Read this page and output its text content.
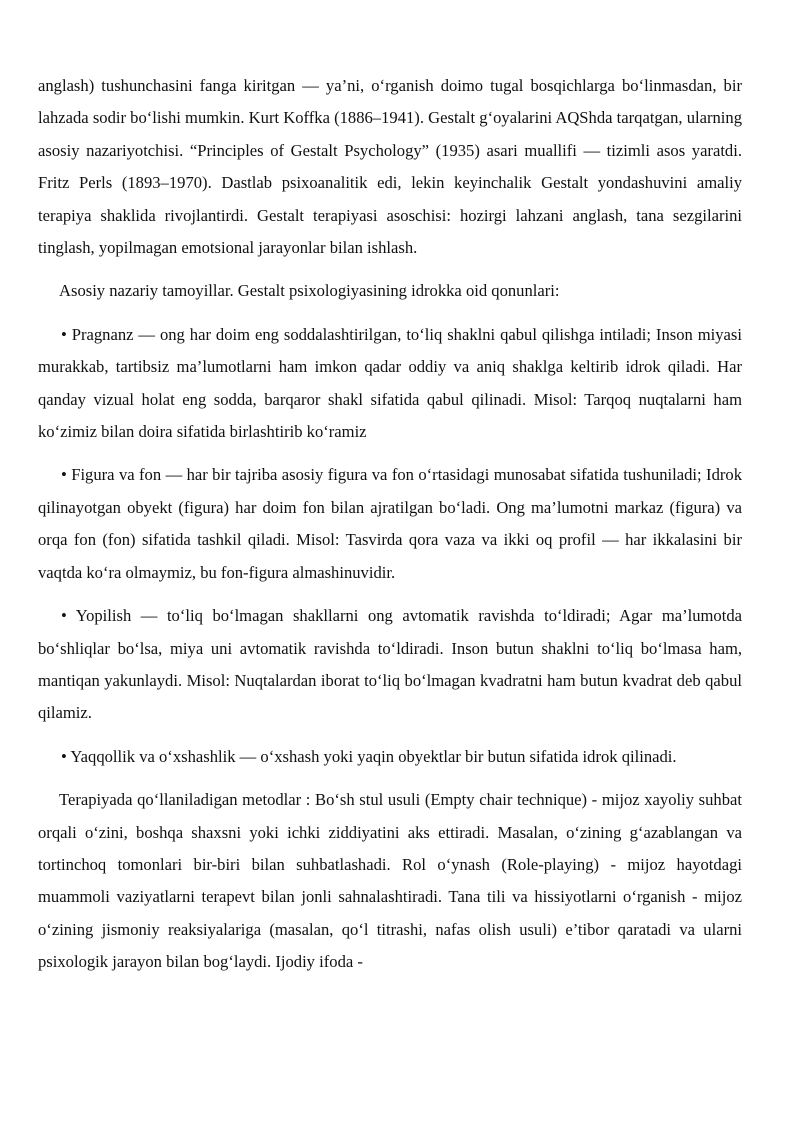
anglash) tushunchasini fanga kiritgan — ya’ni, o‘rganish doimo tugal bosqichlarga bo‘linmasdan, bir lahzada sodir bo‘lishi mumkin. Kurt Koffka (1886–1941). Gestalt g‘oyalarini AQShda tarqatgan, ularning asosiy nazariyotchisi. “Principles of Gestalt Psychology” (1935) asari muallifi — tizimli asos yaratdi. Fritz Perls (1893–1970). Dastlab psixoanalitik edi, lekin keyinchalik Gestalt yondashuvini amaliy terapiya shaklida rivojlantirdi. Gestalt terapiyasi asoschisi: hozirgi lahzani anglash, tana sezgilarini tinglash, yopilmagan emotsional jarayonlar bilan ishlash.

Asosiy nazariy tamoyillar. Gestalt psixologiyasining idrokka oid qonunlari:

• Pragnanz — ong har doim eng soddalashtirilgan, to‘liq shaklni qabul qilishga intiladi; Inson miyasi murakkab, tartibsiz ma’lumotlarni ham imkon qadar oddiy va aniq shaklga keltirib idrok qiladi. Har qanday vizual holat eng sodda, barqaror shakl sifatida qabul qilinadi. Misol: Tarqoq nuqtalarni ham ko‘zimiz bilan doira sifatida birlashtirib ko‘ramiz

• Figura va fon — har bir tajriba asosiy figura va fon o‘rtasidagi munosabat sifatida tushuniladi; Idrok qilinayotgan obyekt (figura) har doim fon bilan ajratilgan bo‘ladi. Ong ma’lumotni markaz (figura) va orqa fon (fon) sifatida tashkil qiladi. Misol: Tasvirda qora vaza va ikki oq profil — har ikkalasini bir vaqtda ko‘ra olmaymiz, bu fon-figura almashinuvidir.

• Yopilish — to‘liq bo‘lmagan shakllarni ong avtomatik ravishda to‘ldiradi; Agar ma’lumotda bo‘shliqlar bo‘lsa, miya uni avtomatik ravishda to‘ldiradi. Inson butun shaklni to‘liq bo‘lmasa ham, mantiqan yakunlaydi. Misol: Nuqtalardan iborat to‘liq bo‘lmagan kvadratni ham butun kvadrat deb qabul qilamiz.

• Yaqqollik va o‘xshashlik — o‘xshash yoki yaqin obyektlar bir butun sifatida idrok qilinadi.

Terapiyada qo‘llaniladigan metodlar : Bo‘sh stul usuli (Empty chair technique) - mijoz xayoliy suhbat orqali o‘zini, boshqa shaxsni yoki ichki ziddiyatini aks ettiradi. Masalan, o‘zining g‘azablangan va tortinchoq tomonlari bir-biri bilan suhbatlashadi. Rol o‘ynash (Role-playing) - mijoz hayotdagi muammoli vaziyatlarni terapevt bilan jonli sahnalashtiradi. Tana tili va hissiyotlarni o‘rganish - mijoz o‘zining jismoniy reaksiyalariga (masalan, qo‘l titrashi, nafas olish usuli) e’tibor qaratadi va ularni psixologik jarayon bilan bog‘laydi. Ijodiy ifoda -
